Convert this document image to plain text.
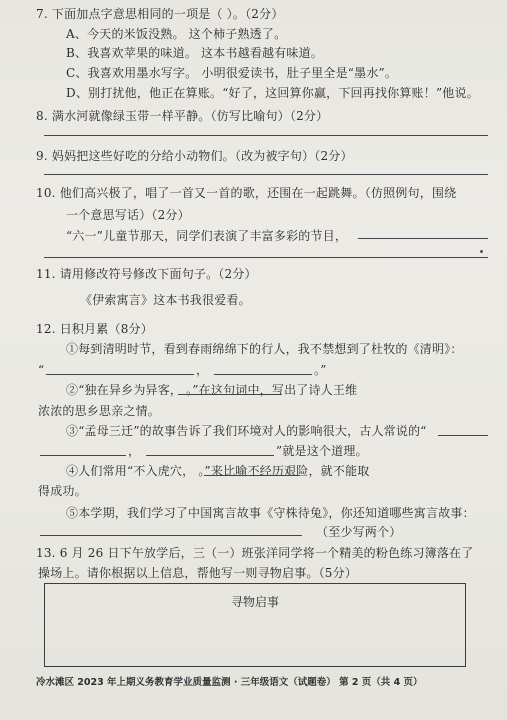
7. 下面加点字意思相同的一项是（ ）。（2分）
A、今天的米饭没熟。 这个柿子熟透了。
B、我喜欢苹果的味道。 这本书越看越有味道。
C、我喜欢用墨水写字。 小明很爱读书，肚子里全是“墨水”。
D、别打扰他，他正在算账。“好了，这回算你赢，下回再找你算账！”他说。
8. 满水河就像绿玉带一样平静。（仿写比喻句）（2分）
9. 妈妈把这些好吃的分给小动物们。（改为被字句）（2分）
10. 他们高兴极了，唱了一首又一首的歌，还围在一起跳舞。（仿照例句，围绕
一个意思写话）（2分）
“六一”儿童节那天，同学们表演了丰富多彩的节目，
11. 请用修改符号修改下面句子。（2分）
《伊索寓言》这本书我很爱看。
12. 日积月累（8分）
①每到清明时节，看到春雨绵绵下的行人，我不禁想到了杜牧的《清明》：
“	，	。”
②“独在异乡为异客， 。”在这句词中，写出了诗人王维
浓浓的思乡思亲之情。
③“孟母三迁”的故事告诉了我们环境对人的影响很大，古人常说的“
，	”就是这个道理。
④人们常用“不入虎穴， 。”来比喻不经历艰险，就不能取
得成功。
⑤本学期，我们学习了中国寓言故事《守株待兔》，你还知道哪些寓言故事：
（至少写两个）
13. 6 月 26 日下午放学后，三（一）班张洋同学将一个精美的粉色练习簿落在了
操场上。请你根据以上信息，帮他写一则寻物启事。（5分）
寻物启事
冷水滩区 2023 年上期义务教育学业质量监测 · 三年级语文（试题卷） 第 2 页（共 4 页）
